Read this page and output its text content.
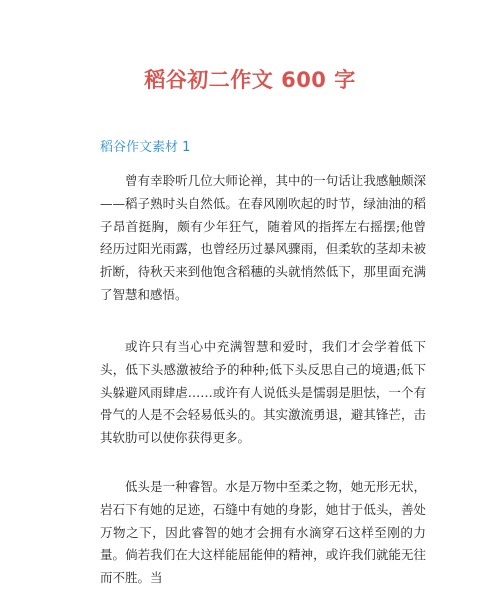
稻谷初二作文 600 字
稻谷作文素材 1

曾有幸聆听几位大师论禅，其中的一句话让我感触颇深——稻子熟时头自然低。在春风刚吹起的时节，绿油油的稻子昂首挺胸，颇有少年狂气，随着风的指挥左右摇摆;他曾经历过阳光雨露，也曾经历过暴风骤雨，但柔软的茎却未被折断，待秋天来到他饱含稻穗的头就悄然低下，那里面充满了智慧和感悟。

或许只有当心中充满智慧和爱时，我们才会学着低下头，低下头感激被给予的种种;低下头反思自己的境遇;低下头躲避风雨肆虐……或许有人说低头是懦弱是胆怯，一个有骨气的人是不会轻易低头的。其实激流勇退，避其锋芒，击其软肋可以使你获得更多。

低头是一种睿智。水是万物中至柔之物，她无形无状，岩石下有她的足迹，石缝中有她的身影，她甘于低头，善处万物之下，因此睿智的她才会拥有水滴穿石这样至刚的力量。倘若我们在大这样能屈能伸的精神，或许我们就能无往而不胜。当
